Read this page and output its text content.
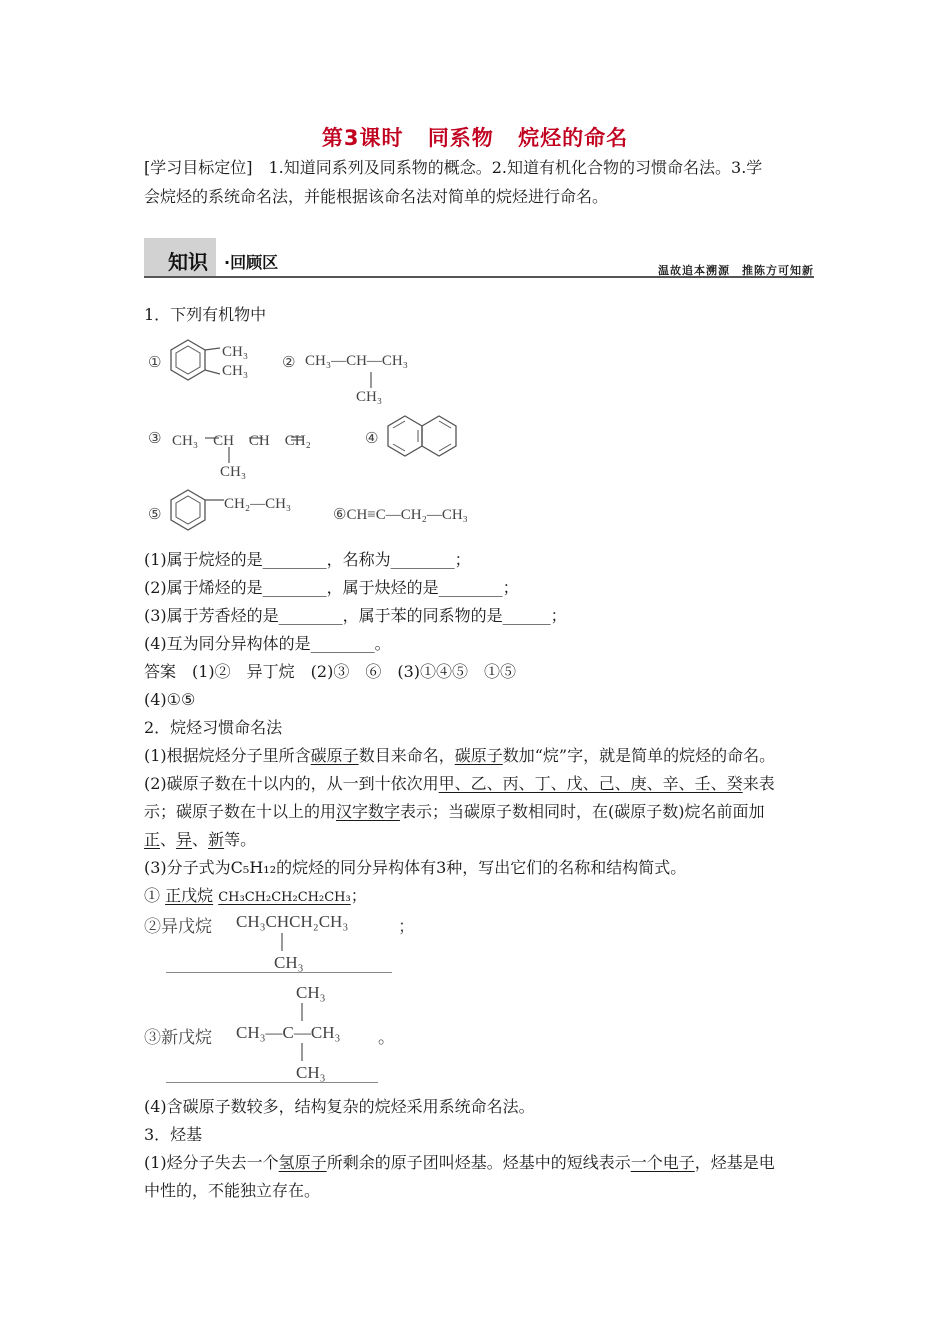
第3课时 同系物 烷烃的命名
[学习目标定位]　1.知道同系列及同系物的概念。2.知道有机化合物的习惯命名法。3.学
会烷烃的系统命名法，并能根据该命名法对简单的烷烃进行命名。
知识 ·回顾区	温故追本溯源　推陈方可知新
1．下列有机物中
①
CH₃
CH₃ ② CH₃—CH—CH₃
CH₃
③ CH₃　CH　CH　CH₂
CH₃
④
⑤
CH₂—CH₃
⑥CH≡C—CH₂—CH₃
(1)属于烷烃的是________，名称为________；
(2)属于烯烃的是________，属于炔烃的是________；
(3)属于芳香烃的是________，属于苯的同系物的是______；
(4)互为同分异构体的是________。
答案　(1)②　异丁烷　(2)③　⑥　(3)①④⑤　①⑤
(4)①⑤
2．烷烃习惯命名法
(1)根据烷烃分子里所含碳原子数目来命名，碳原子数加“烷”字，就是简单的烷烃的命名。
(2)碳原子数在十以内的，从一到十依次用甲、乙、丙、丁、戊、己、庚、辛、壬、癸来表
示；碳原子数在十以上的用汉字数字表示；当碳原子数相同时，在(碳原子数)烷名前面加
正、异、新等。
(3)分子式为C₅H₁₂的烷烃的同分异构体有3种，写出它们的名称和结构简式。
① 正戊烷 CH₃CH₂CH₂CH₂CH₃；
②异戊烷 CH₃CHCH₂CH₃	；
CH₃
CH₃
③新戊烷 CH₃—C—CH₃ 。
CH₃
(4)含碳原子数较多，结构复杂的烷烃采用系统命名法。
3．烃基
(1)烃分子失去一个氢原子所剩余的原子团叫烃基。烃基中的短线表示一个电子，烃基是电
中性的，不能独立存在。
